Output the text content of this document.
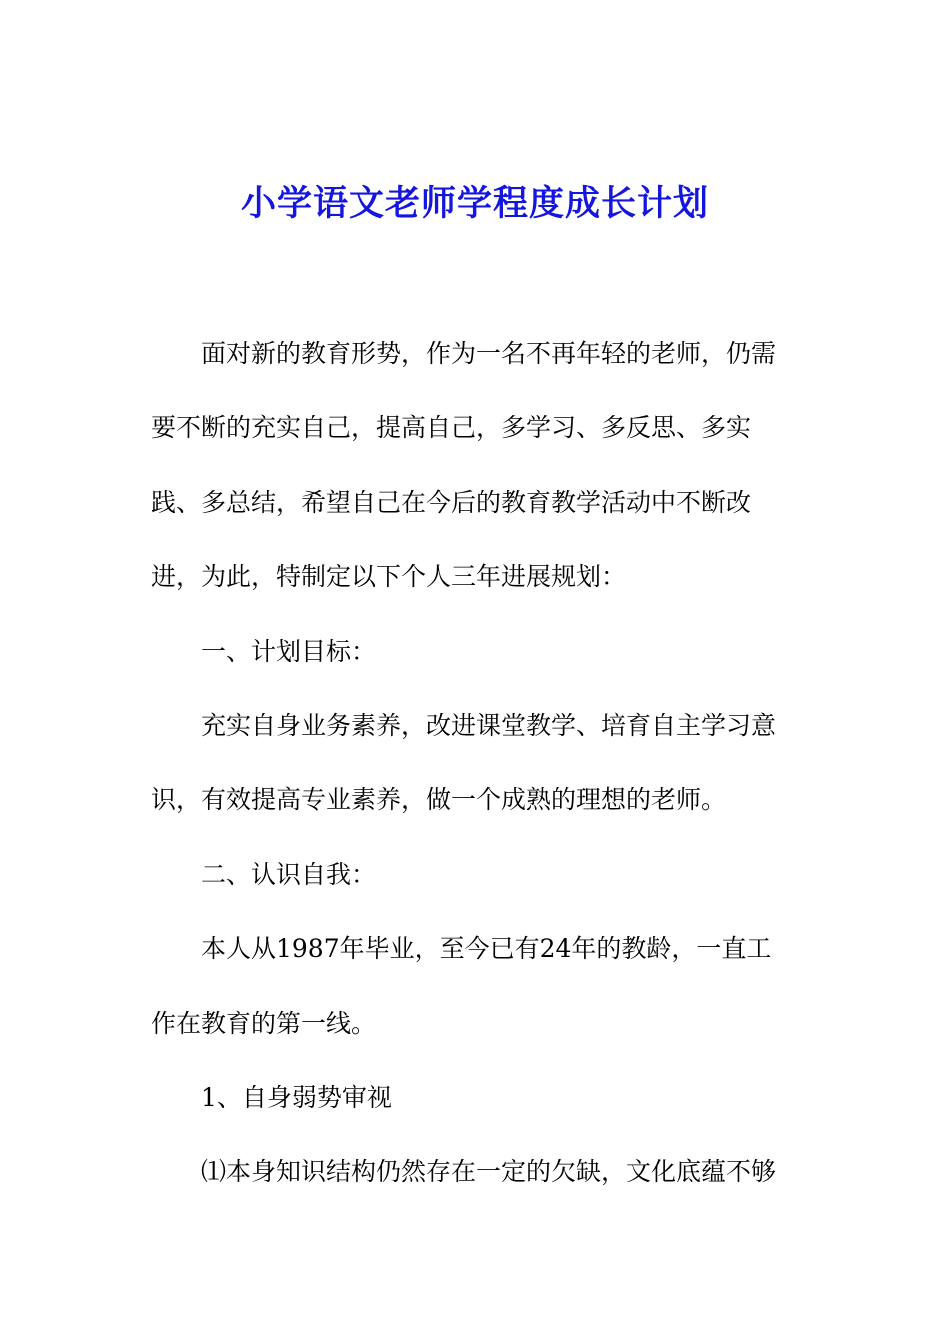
小学语文老师学程度成长计划
面对新的教育形势，作为一名不再年轻的老师，仍需
要不断的充实自己，提高自己，多学习、多反思、多实
践、多总结，希望自己在今后的教育教学活动中不断改
进，为此，特制定以下个人三年进展规划：
一、计划目标：
充实自身业务素养，改进课堂教学、培育自主学习意
识，有效提高专业素养，做一个成熟的理想的老师。
二、认识自我：
本人从1987年毕业，至今已有24年的教龄，一直工
作在教育的第一线。
1、自身弱势审视
⑴本身知识结构仍然存在一定的欠缺，文化底蕴不够
